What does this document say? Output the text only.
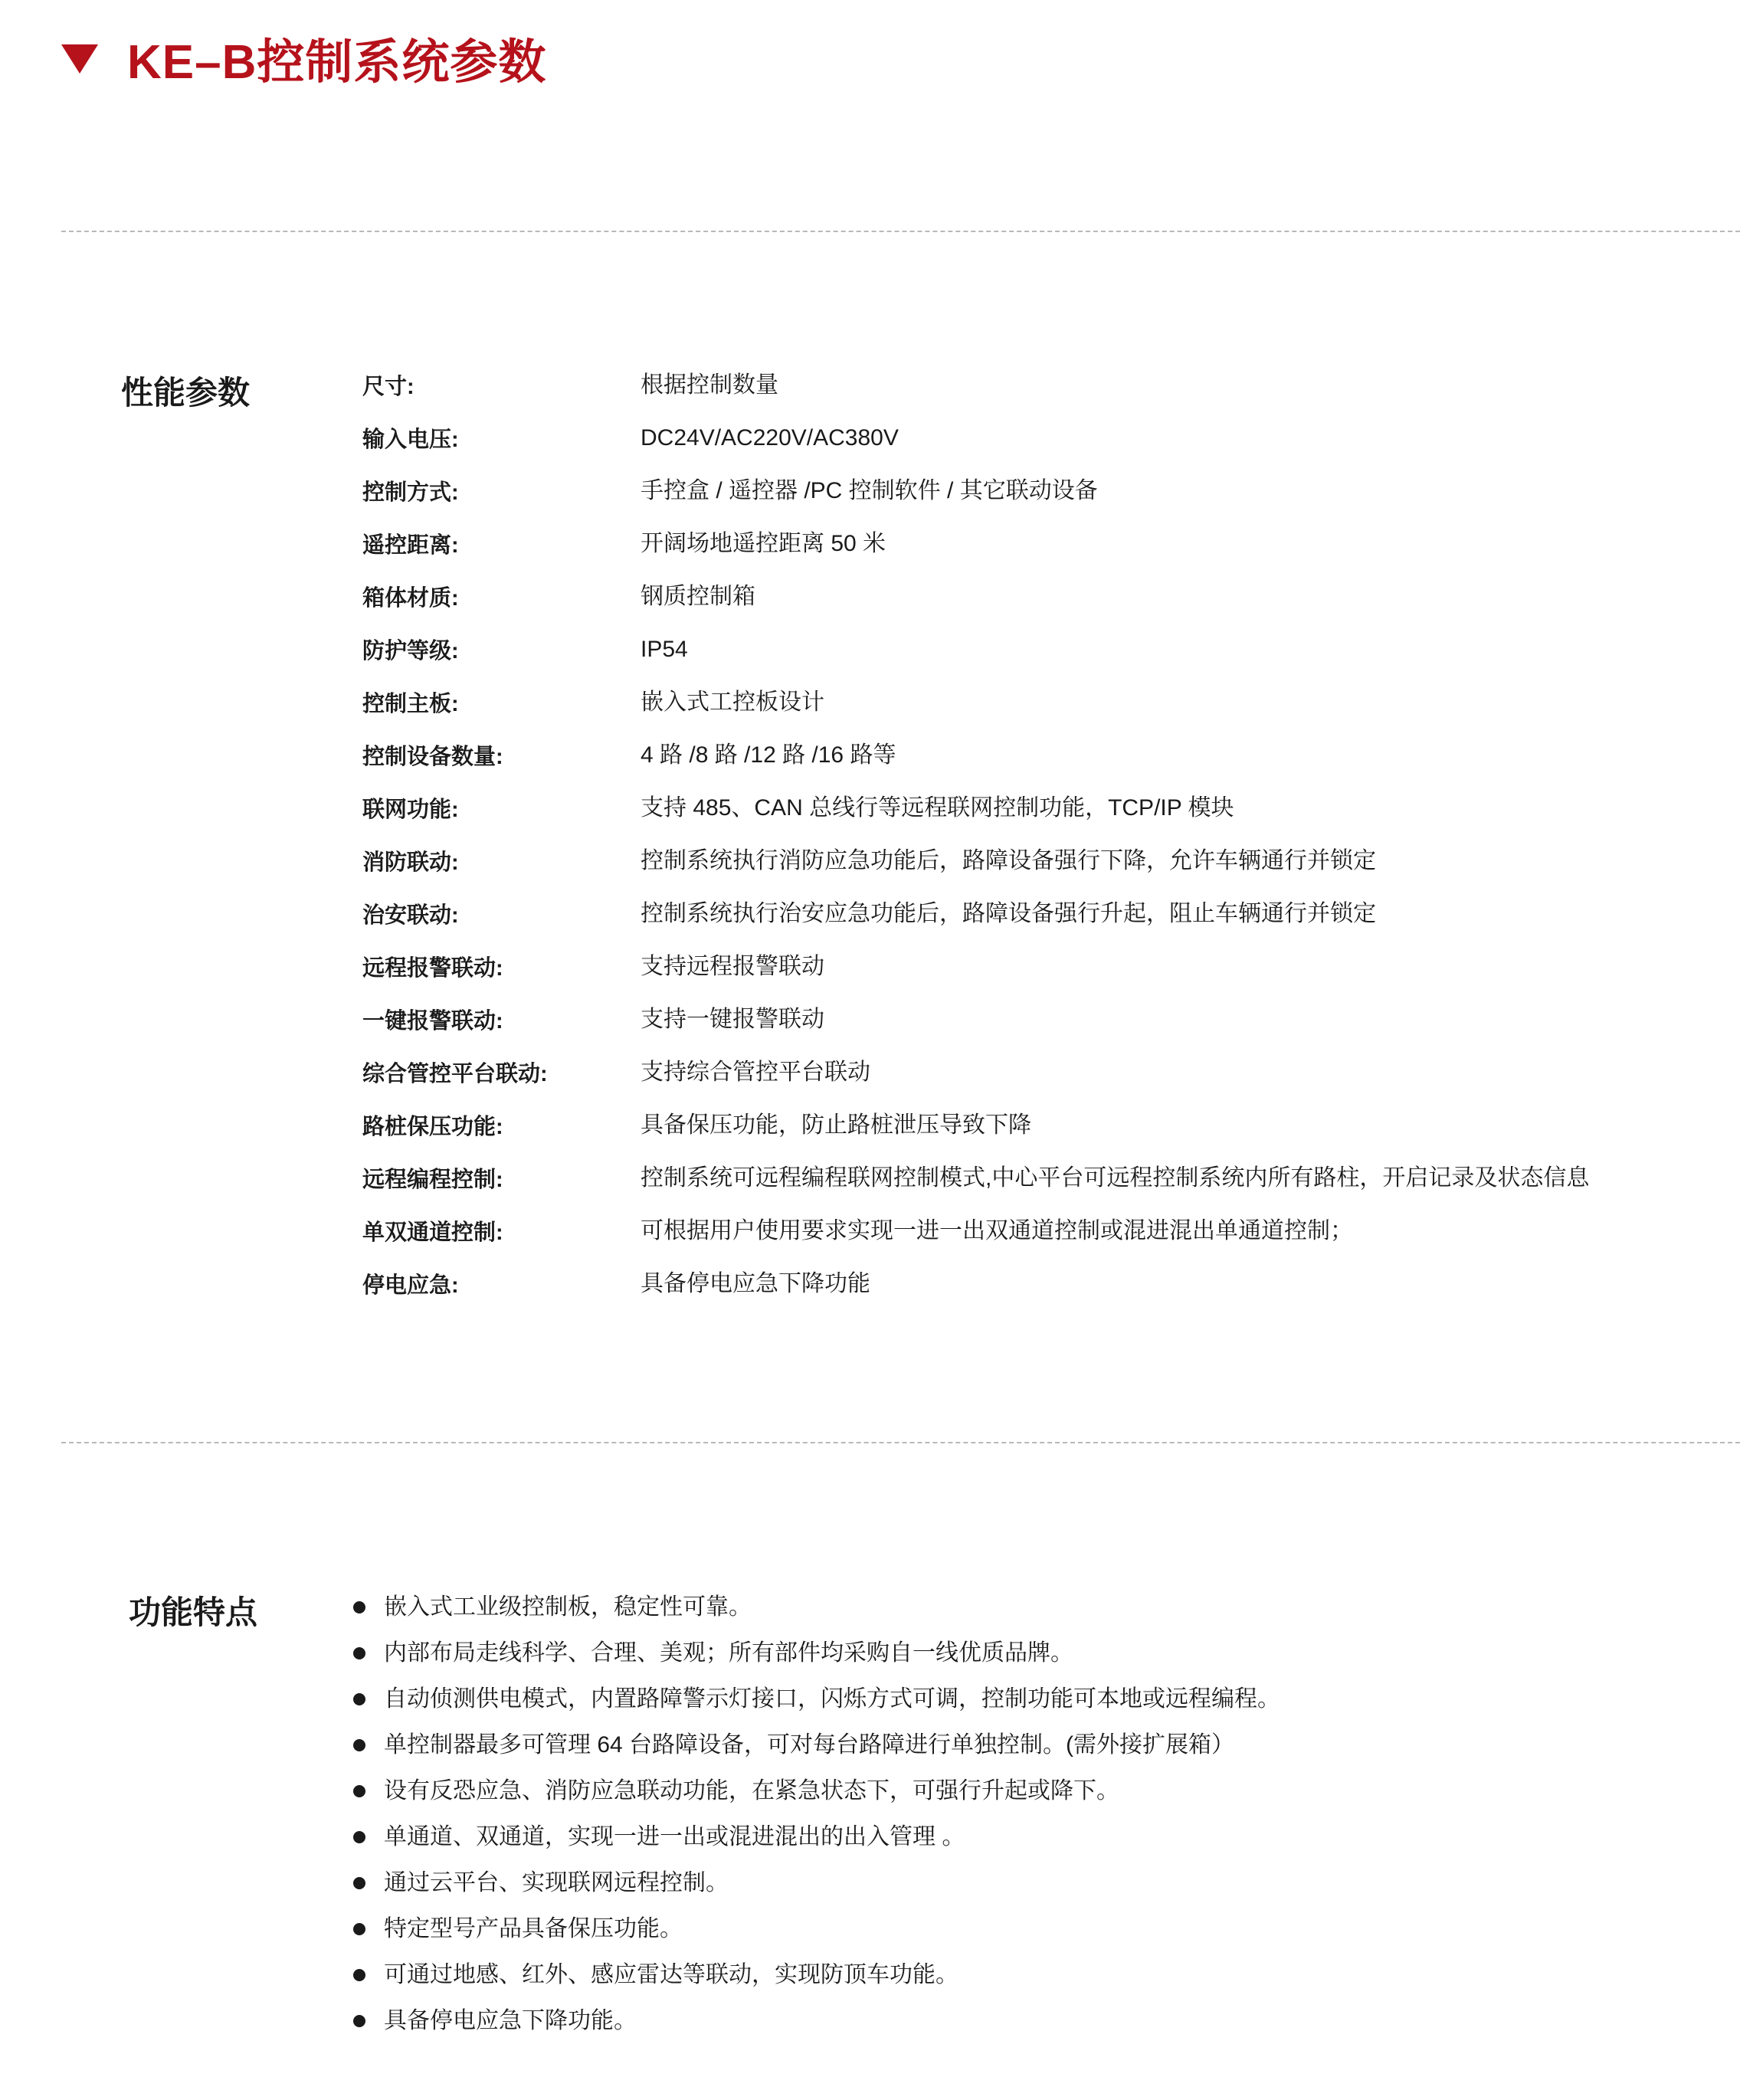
KE–B控制系统参数
性能参数	尺寸:	根据控制数量
输入电压:	DC24V/AC220V/AC380V
控制方式:	手控盒 / 遥控器 /PC 控制软件 / 其它联动设备
遥控距离:	开阔场地遥控距离 50 米
箱体材质:	钢质控制箱
防护等级:	IP54
控制主板:	嵌入式工控板设计
控制设备数量:	4 路 /8 路 /12 路 /16 路等
联网功能:	支持 485、CAN 总线行等远程联网控制功能，TCP/IP 模块
消防联动:	控制系统执行消防应急功能后，路障设备强行下降，允许车辆通行并锁定
治安联动:	控制系统执行治安应急功能后，路障设备强行升起，阻止车辆通行并锁定
远程报警联动:	支持远程报警联动
一键报警联动:	支持一键报警联动
综合管控平台联动:	支持综合管控平台联动
路桩保压功能:	具备保压功能，防止路桩泄压导致下降
远程编程控制:	控制系统可远程编程联网控制模式,中心平台可远程控制系统内所有路柱，开启记录及状态信息
单双通道控制:	可根据用户使用要求实现一进一出双通道控制或混进混出单通道控制；
停电应急:	具备停电应急下降功能
功能特点	嵌入式工业级控制板，稳定性可靠。
内部布局走线科学、合理、美观；所有部件均采购自一线优质品牌。
自动侦测供电模式，内置路障警示灯接口，闪烁方式可调，控制功能可本地或远程编程。
单控制器最多可管理 64 台路障设备，可对每台路障进行单独控制。(需外接扩展箱）
设有反恐应急、消防应急联动功能，在紧急状态下，可强行升起或降下。
单通道、双通道，实现一进一出或混进混出的出入管理 。
通过云平台、实现联网远程控制。
特定型号产品具备保压功能。
可通过地感、红外、感应雷达等联动，实现防顶车功能。
具备停电应急下降功能。
